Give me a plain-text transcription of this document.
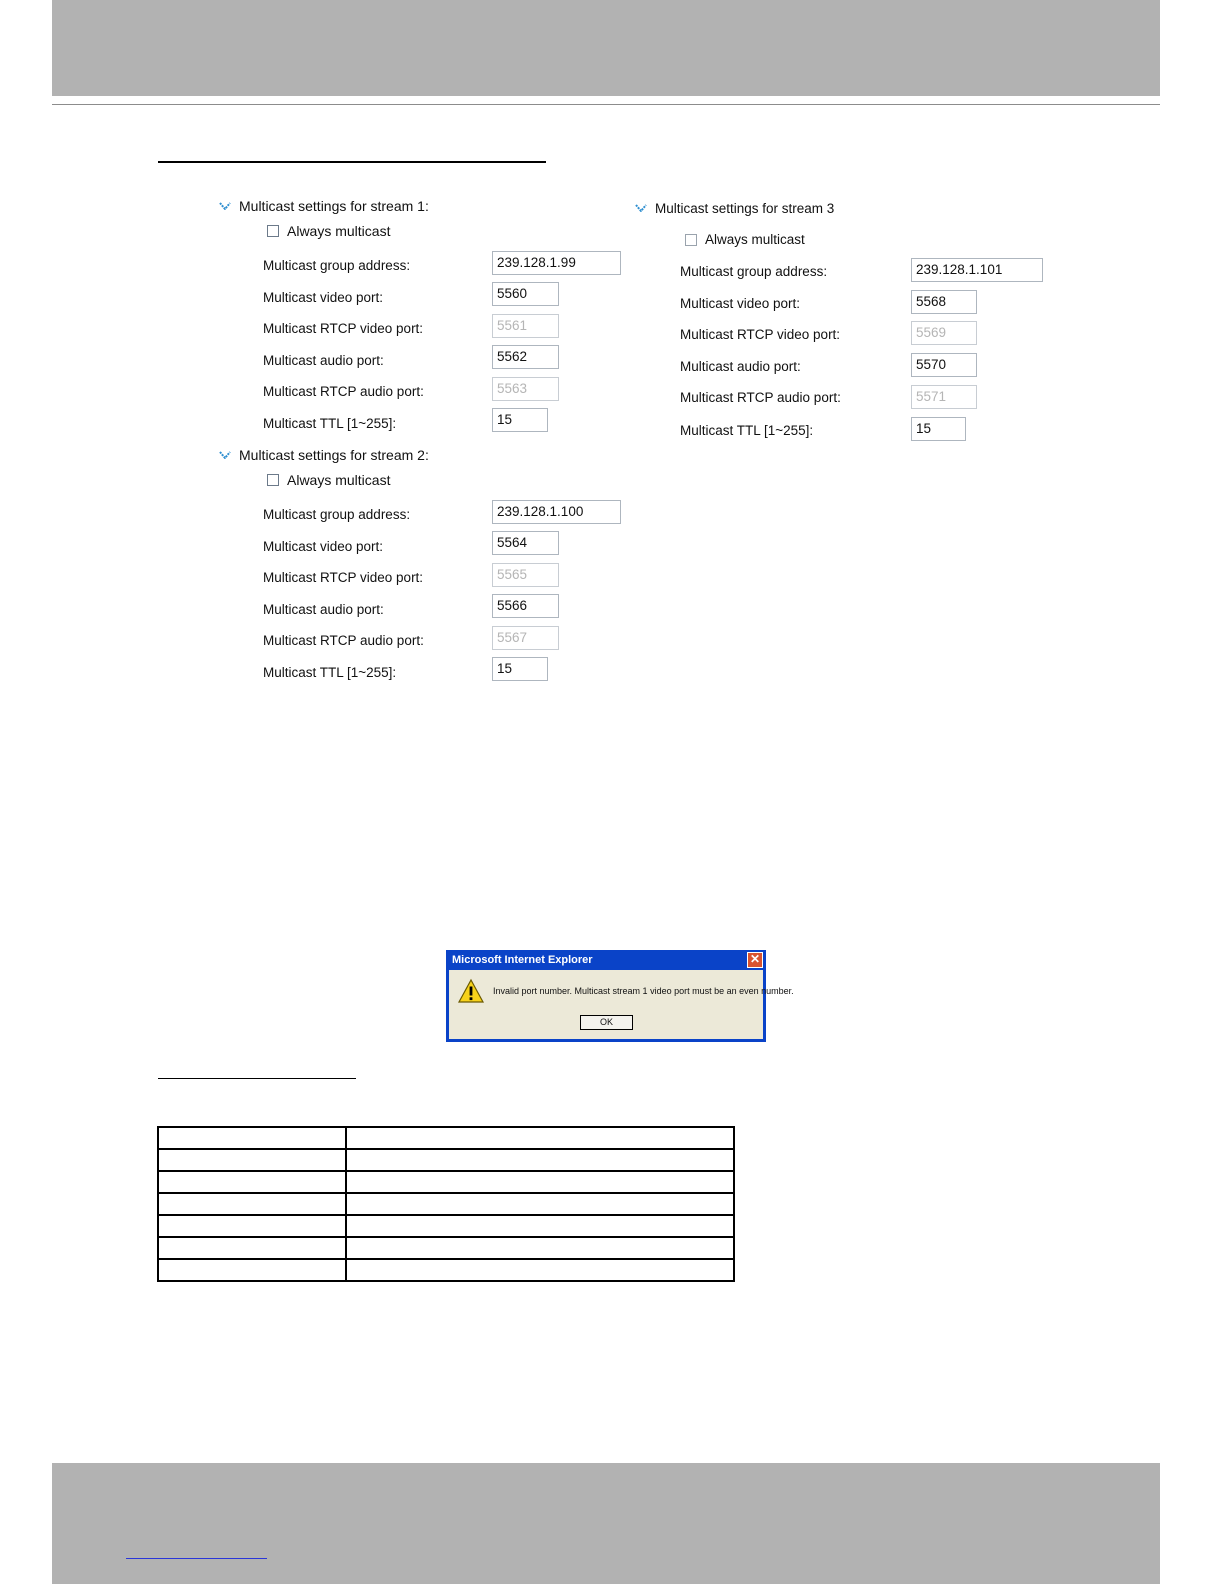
Multicast settings for stream 1:
Always multicast
Multicast group address:	239.128.1.99
Multicast video port:	5560
Multicast RTCP video port:	5561
Multicast audio port:	5562
Multicast RTCP audio port:	5563
Multicast TTL [1~255]:	15
Multicast settings for stream 2:
Always multicast
Multicast group address:	239.128.1.100
Multicast video port:	5564
Multicast RTCP video port:	5565
Multicast audio port:	5566
Multicast RTCP audio port:	5567
Multicast TTL [1~255]:	15
Multicast settings for stream 3
Always multicast
Multicast group address:	239.128.1.101
Multicast video port:	5568
Multicast RTCP video port:	5569
Multicast audio port:	5570
Multicast RTCP audio port:	5571
Multicast TTL [1~255]:	15
Microsoft Internet Explorer	✕
Invalid port number. Multicast stream 1 video port must be an even number.
OK
